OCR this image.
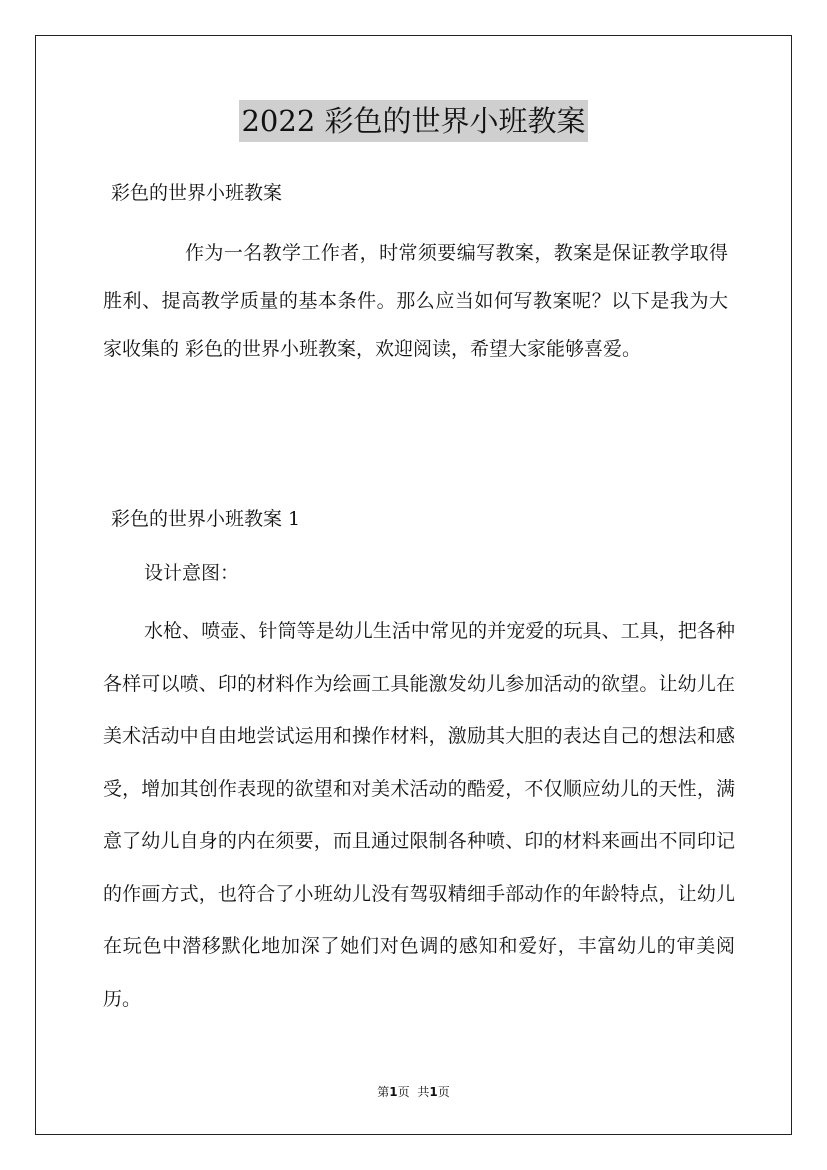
2022 彩色的世界小班教案
彩色的世界小班教案

作为一名教学工作者，时常须要编写教案，教案是保证教学取得胜利、提高教学质量的基本条件。那么应当如何写教案呢？以下是我为大家收集的 彩色的世界小班教案，欢迎阅读，希望大家能够喜爱。

彩色的世界小班教案 1
设计意图：

水枪、喷壶、针筒等是幼儿生活中常见的并宠爱的玩具、工具，把各种各样可以喷、印的材料作为绘画工具能激发幼儿参加活动的欲望。让幼儿在美术活动中自由地尝试运用和操作材料，激励其大胆的表达自己的想法和感受，增加其创作表现的欲望和对美术活动的酷爱，不仅顺应幼儿的天性，满意了幼儿自身的内在须要，而且通过限制各种喷、印的材料来画出不同印记的作画方式，也符合了小班幼儿没有驾驭精细手部动作的年龄特点，让幼儿在玩色中潜移默化地加深了她们对色调的感知和爱好，丰富幼儿的审美阅历。

第1页 共1页
